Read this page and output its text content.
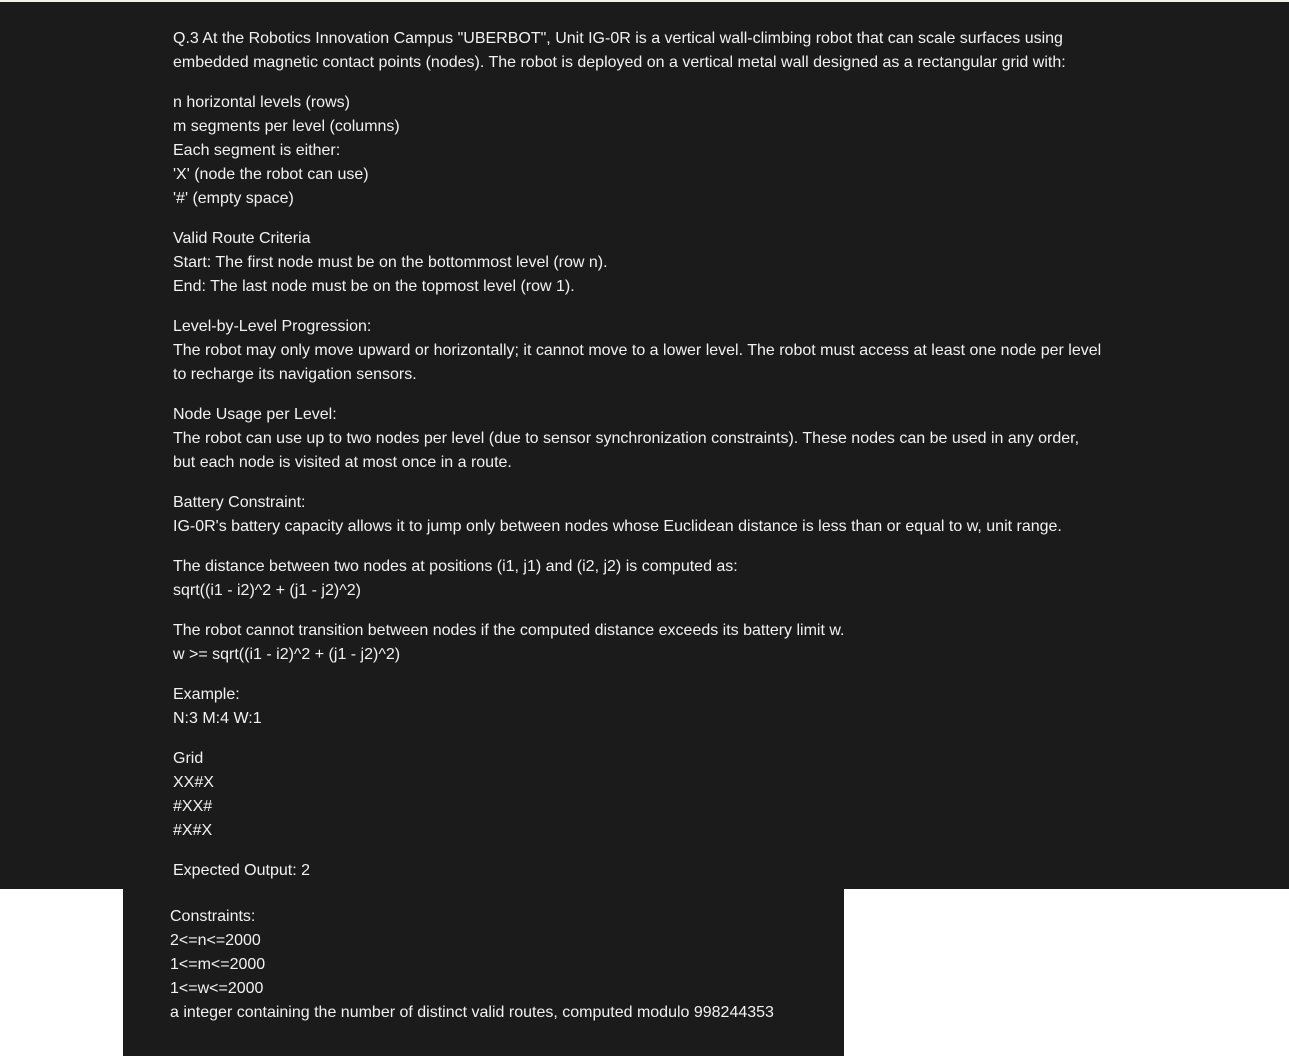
Q.3 At the Robotics Innovation Campus "UBERBOT", Unit IG-0R is a vertical wall-climbing robot that can scale surfaces using embedded magnetic contact points (nodes). The robot is deployed on a vertical metal wall designed as a rectangular grid with:

n horizontal levels (rows)
m segments per level (columns)
Each segment is either:
'X' (node the robot can use)
'#' (empty space)

Valid Route Criteria
Start: The first node must be on the bottommost level (row n).
End: The last node must be on the topmost level (row 1).

Level-by-Level Progression:
The robot may only move upward or horizontally; it cannot move to a lower level. The robot must access at least one node per level to recharge its navigation sensors.

Node Usage per Level:
The robot can use up to two nodes per level (due to sensor synchronization constraints). These nodes can be used in any order, but each node is visited at most once in a route.

Battery Constraint:
IG-0R's battery capacity allows it to jump only between nodes whose Euclidean distance is less than or equal to w, unit range.

The distance between two nodes at positions (i1, j1) and (i2, j2) is computed as:
sqrt((i1 - i2)^2 + (j1 - j2)^2)

The robot cannot transition between nodes if the computed distance exceeds its battery limit w.
w >= sqrt((i1 - i2)^2 + (j1 - j2)^2)

Example:
N:3 M:4 W:1

Grid
XX#X
#XX#
#X#X

Expected Output: 2

Constraints:
2<=n<=2000
1<=m<=2000
1<=w<=2000
a integer containing the number of distinct valid routes, computed modulo 998244353
